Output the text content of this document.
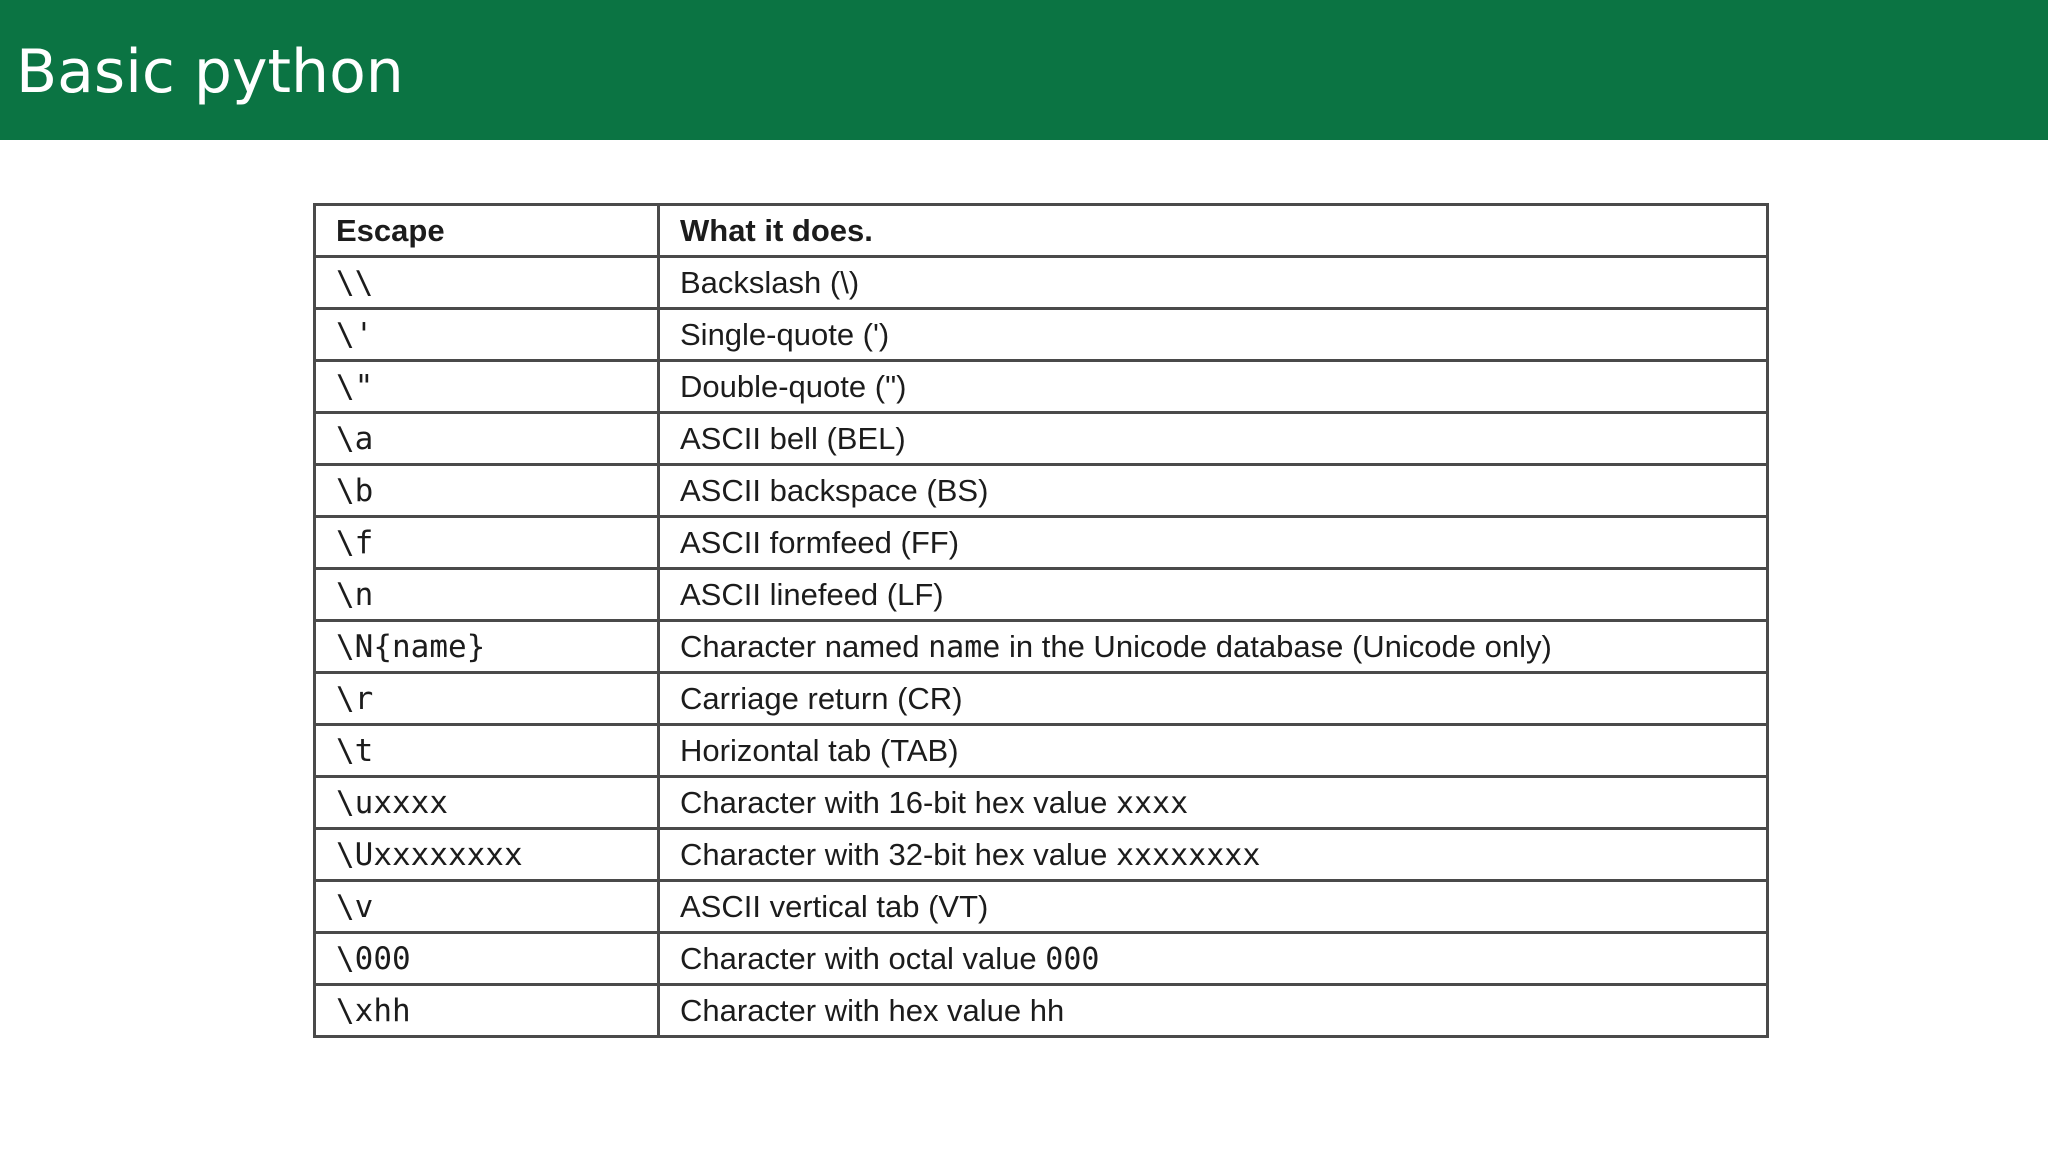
Basic python
Escape	What it does.
\\	Backslash (\)
\'	Single-quote (')
\"	Double-quote (")
\a	ASCII bell (BEL)
\b	ASCII backspace (BS)
\f	ASCII formfeed (FF)
\n	ASCII linefeed (LF)
\N{name}	Character named name in the Unicode database (Unicode only)
\r	Carriage return (CR)
\t	Horizontal tab (TAB)
\uxxxx	Character with 16-bit hex value xxxx
\Uxxxxxxxx	Character with 32-bit hex value xxxxxxxx
\v	ASCII vertical tab (VT)
\000	Character with octal value 000
\xhh	Character with hex value hh
